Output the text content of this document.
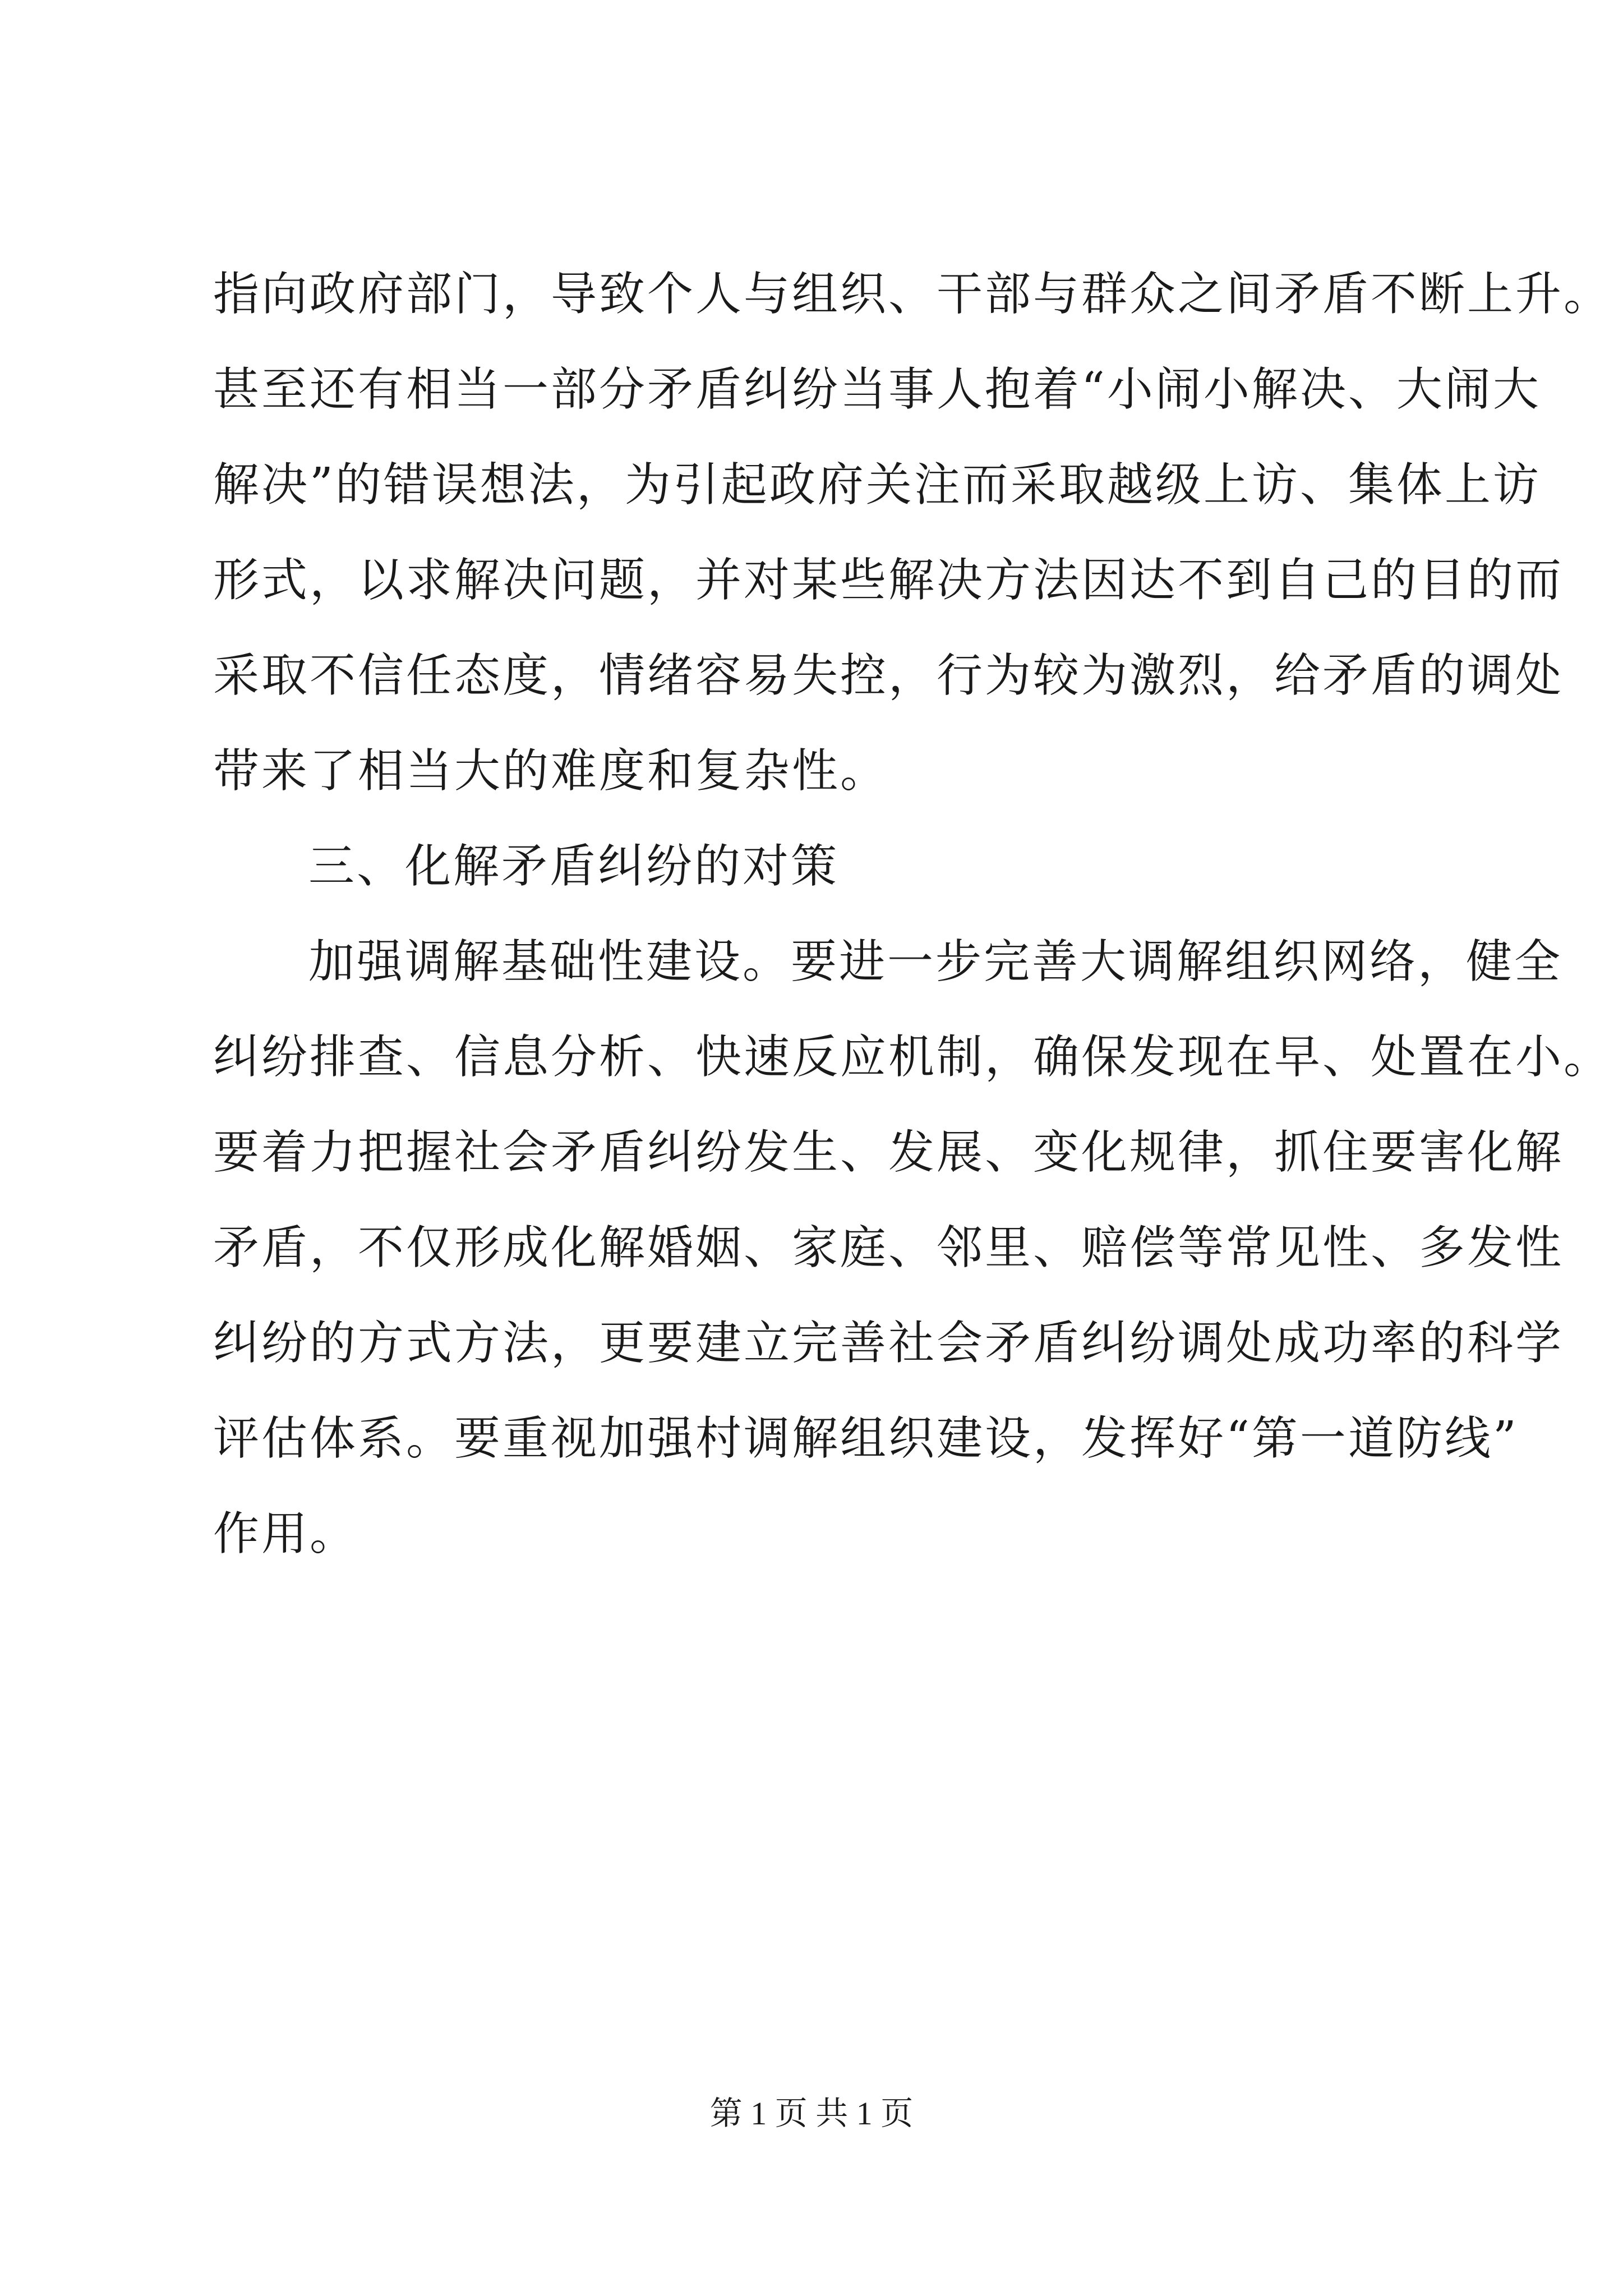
指向政府部门，导致个人与组织、干部与群众之间矛盾不断上升。
甚至还有相当一部分矛盾纠纷当事人抱着“小闹小解决、大闹大
解决”的错误想法，为引起政府关注而采取越级上访、集体上访
形式，以求解决问题，并对某些解决方法因达不到自己的目的而
采取不信任态度，情绪容易失控，行为较为激烈，给矛盾的调处
带来了相当大的难度和复杂性。
三、化解矛盾纠纷的对策
加强调解基础性建设。要进一步完善大调解组织网络，健全
纠纷排查、信息分析、快速反应机制，确保发现在早、处置在小。
要着力把握社会矛盾纠纷发生、发展、变化规律，抓住要害化解
矛盾，不仅形成化解婚姻、家庭、邻里、赔偿等常见性、多发性
纠纷的方式方法，更要建立完善社会矛盾纠纷调处成功率的科学
评估体系。要重视加强村调解组织建设，发挥好“第一道防线”
作用。
第 1 页 共 1 页
